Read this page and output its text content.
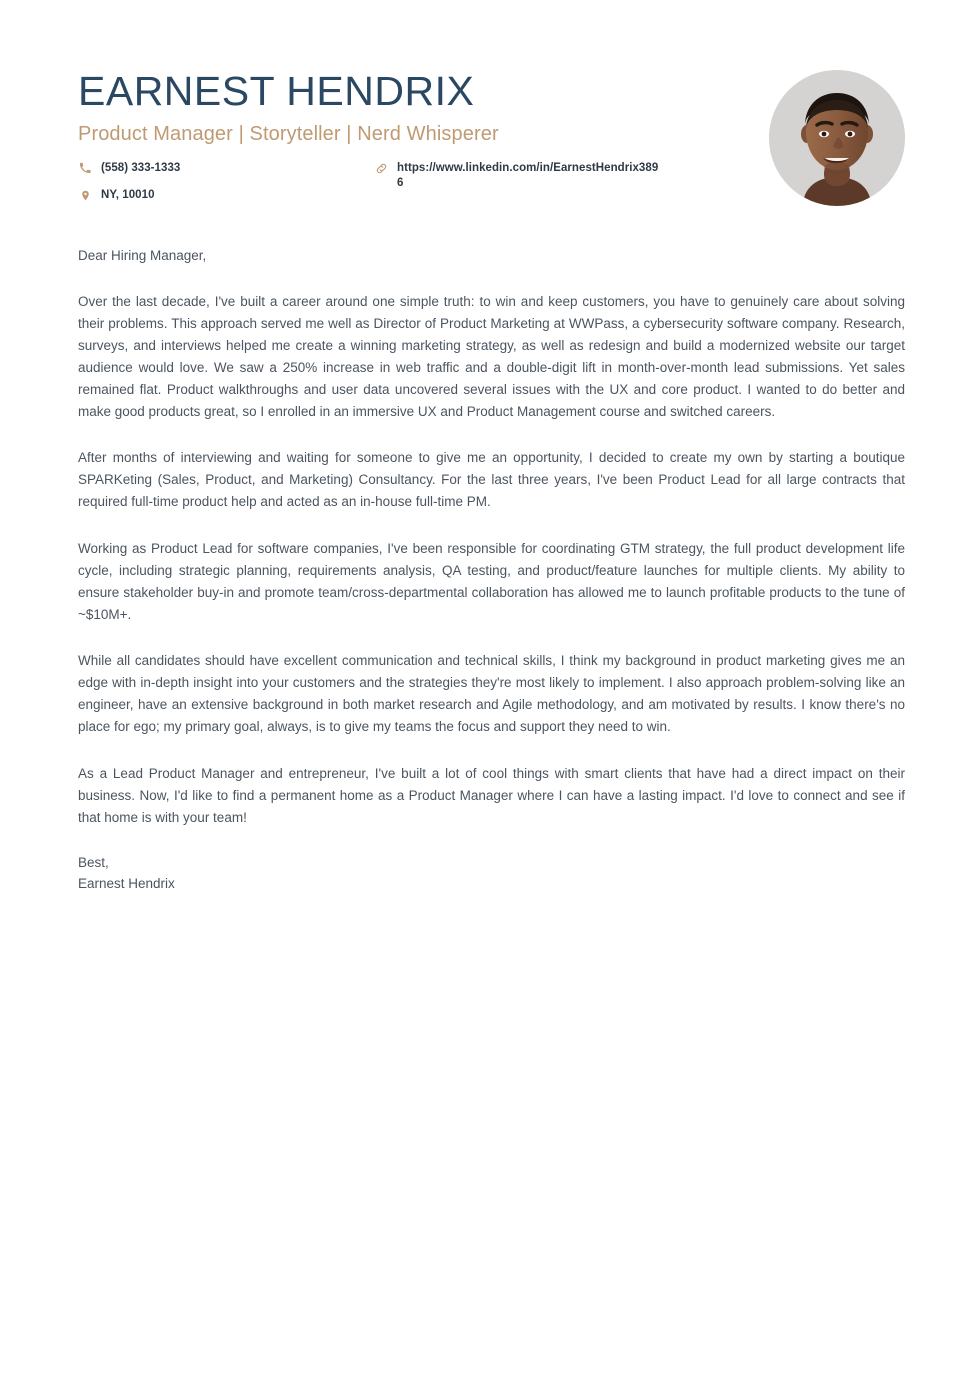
EARNEST HENDRIX
Product Manager | Storyteller | Nerd Whisperer
(558) 333-1333
NY, 10010
https://www.linkedin.com/in/EarnestHendrix3896
Dear Hiring Manager,

Over the last decade, I've built a career around one simple truth: to win and keep customers, you have to genuinely care about solving their problems. This approach served me well as Director of Product Marketing at WWPass, a cybersecurity software company. Research, surveys, and interviews helped me create a winning marketing strategy, as well as redesign and build a modernized website our target audience would love. We saw a 250% increase in web traffic and a double-digit lift in month-over-month lead submissions. Yet sales remained flat. Product walkthroughs and user data uncovered several issues with the UX and core product. I wanted to do better and make good products great, so I enrolled in an immersive UX and Product Management course and switched careers.

After months of interviewing and waiting for someone to give me an opportunity, I decided to create my own by starting a boutique SPARKeting (Sales, Product, and Marketing) Consultancy. For the last three years, I've been Product Lead for all large contracts that required full-time product help and acted as an in-house full-time PM.

Working as Product Lead for software companies, I've been responsible for coordinating GTM strategy, the full product development life cycle, including strategic planning, requirements analysis, QA testing, and product/feature launches for multiple clients. My ability to ensure stakeholder buy-in and promote team/cross-departmental collaboration has allowed me to launch profitable products to the tune of ~$10M+.

While all candidates should have excellent communication and technical skills, I think my background in product marketing gives me an edge with in-depth insight into your customers and the strategies they're most likely to implement. I also approach problem-solving like an engineer, have an extensive background in both market research and Agile methodology, and am motivated by results. I know there's no place for ego; my primary goal, always, is to give my teams the focus and support they need to win.

As a Lead Product Manager and entrepreneur, I've built a lot of cool things with smart clients that have had a direct impact on their business. Now, I'd like to find a permanent home as a Product Manager where I can have a lasting impact. I'd love to connect and see if that home is with your team!

Best,
Earnest Hendrix
